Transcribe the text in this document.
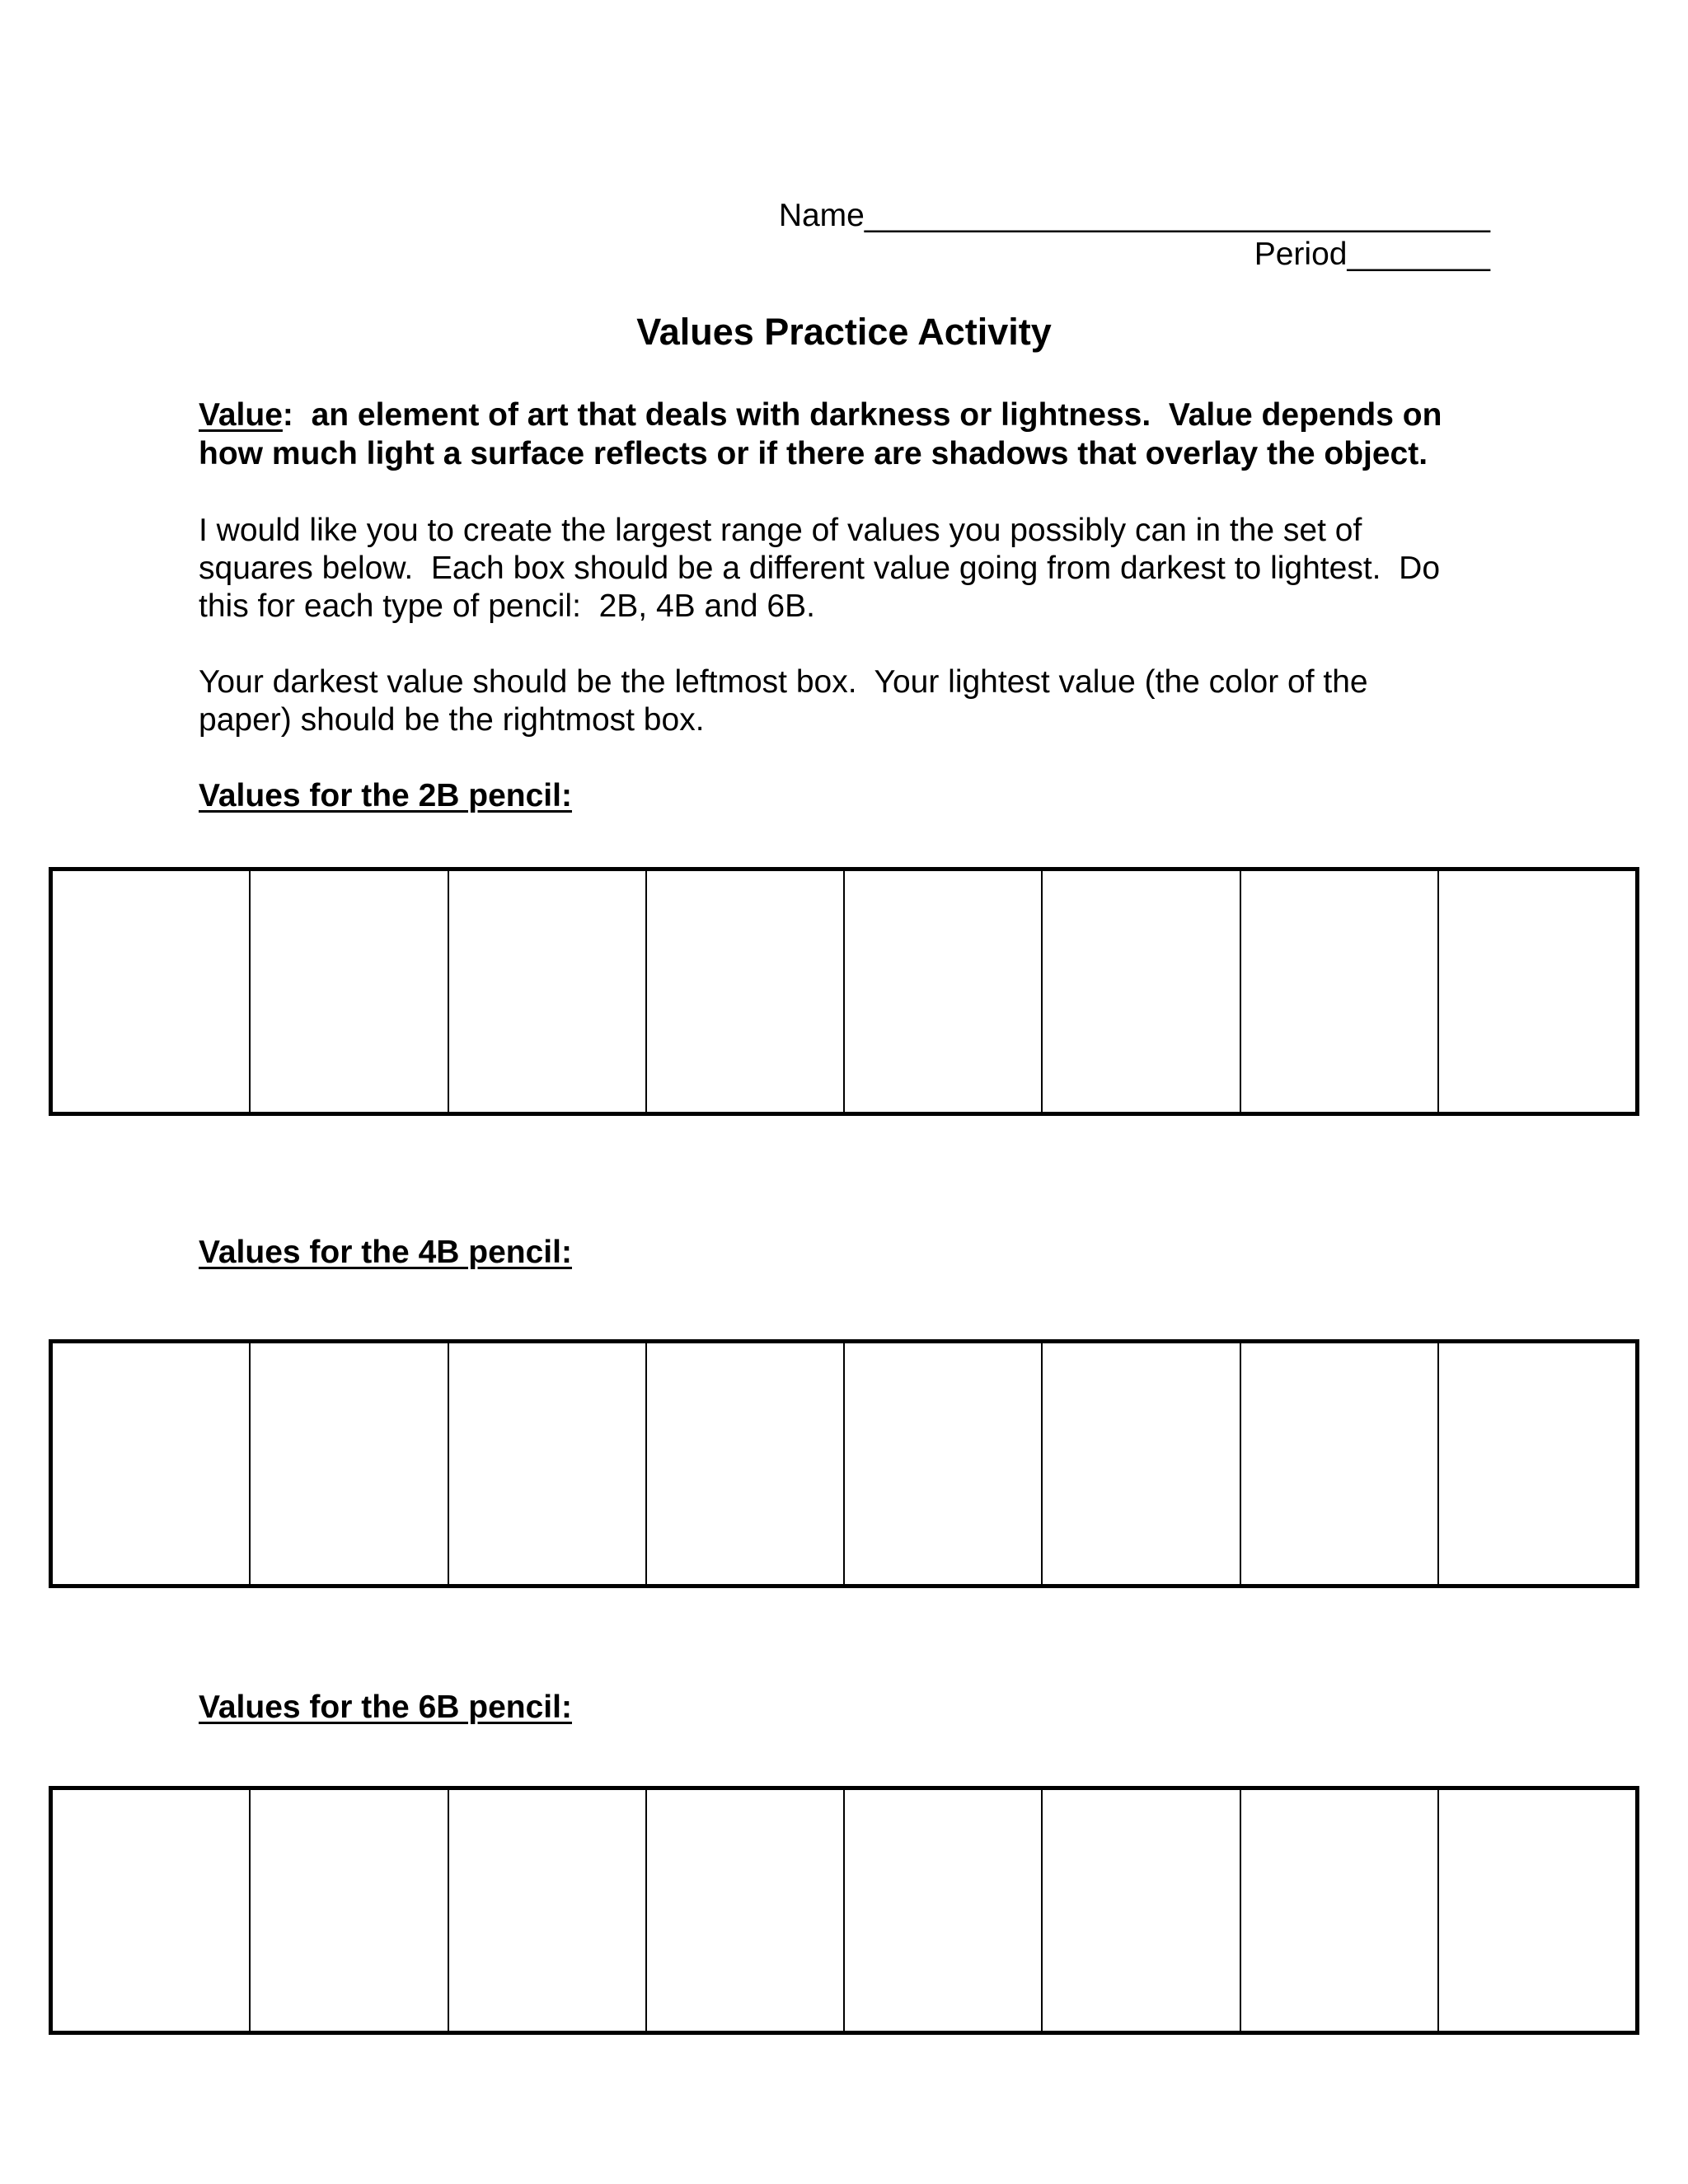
Name___________________________________
Period________
Values Practice Activity
Value:  an element of art that deals with darkness or lightness.  Value depends on
how much light a surface reflects or if there are shadows that overlay the object.
I would like you to create the largest range of values you possibly can in the set of
squares below.  Each box should be a different value going from darkest to lightest.  Do
this for each type of pencil:  2B, 4B and 6B.
Your darkest value should be the leftmost box.  Your lightest value (the color of the
paper) should be the rightmost box.
Values for the 2B pencil:
Values for the 4B pencil:
Values for the 6B pencil:
